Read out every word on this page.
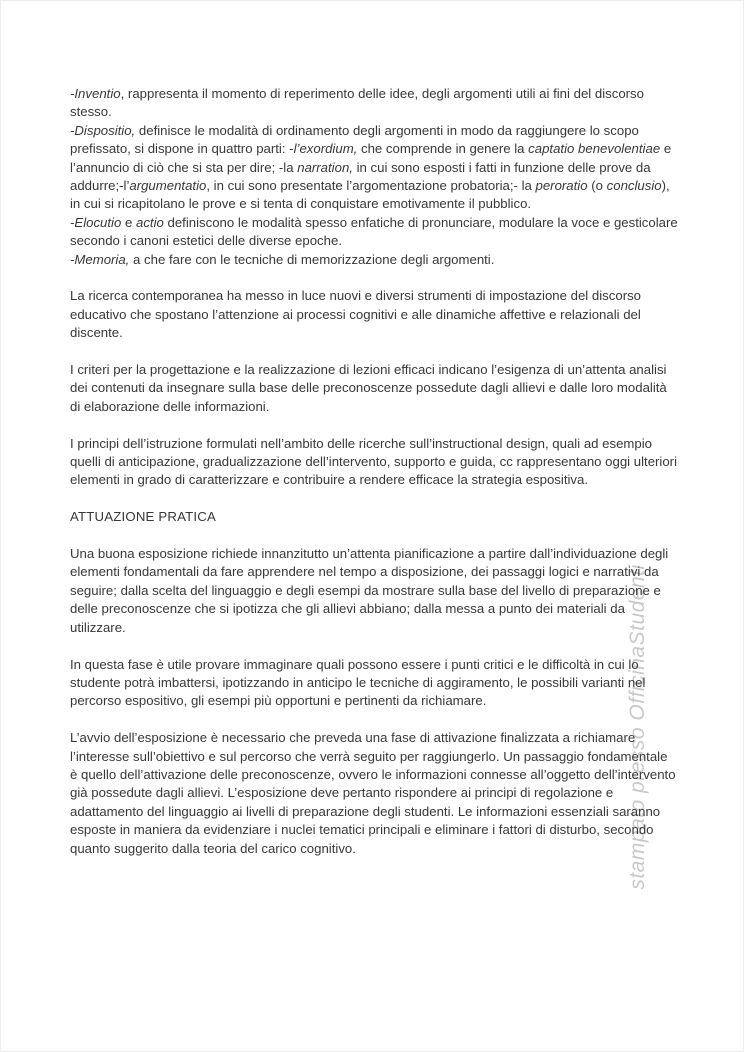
stampato presso OfficinaStudenti

-Inventio, rappresenta il momento di reperimento delle idee, degli argomenti utili ai fini del discorso stesso.

-Dispositio, definisce le modalità di ordinamento degli argomenti in modo da raggiungere lo scopo prefissato, si dispone in quattro parti: -l’exordium, che comprende in genere la captatio benevolentiae e l’annuncio di ciò che si sta per dire; -la narration, in cui sono esposti i fatti in funzione delle prove da addurre;-l’argumentatio, in cui sono presentate l’argomentazione probatoria;- la peroratio (o conclusio), in cui si ricapitolano le prove e si tenta di conquistare emotivamente il pubblico.

-Elocutio e actio definiscono le modalità spesso enfatiche di pronunciare, modulare la voce e gesticolare secondo i canoni estetici delle diverse epoche.

-Memoria, a che fare con le tecniche di memorizzazione degli argomenti.

La ricerca contemporanea ha messo in luce nuovi e diversi strumenti di impostazione del discorso educativo che spostano l’attenzione ai processi cognitivi e alle dinamiche affettive e relazionali del discente.

I criteri per la progettazione e la realizzazione di lezioni efficaci indicano l’esigenza di un’attenta analisi dei contenuti da insegnare sulla base delle preconoscenze possedute dagli allievi e dalle loro modalità di elaborazione delle informazioni.

I principi dell’istruzione formulati nell’ambito delle ricerche sull’instructional design, quali ad esempio quelli di anticipazione, gradualizzazione dell’intervento, supporto e guida, cc rappresentano oggi ulteriori elementi in grado di caratterizzare e contribuire a rendere efficace la strategia espositiva.

ATTUAZIONE PRATICA

Una buona esposizione richiede innanzitutto un’attenta pianificazione a partire dall’individuazione degli elementi fondamentali da fare apprendere nel tempo a disposizione, dei passaggi logici e narrativi da seguire; dalla scelta del linguaggio e degli esempi da mostrare sulla base del livello di preparazione e delle preconoscenze che si ipotizza che gli allievi abbiano; dalla messa a punto dei materiali da utilizzare.

In questa fase è utile provare immaginare quali possono essere i punti critici e le difficoltà in cui lo studente potrà imbattersi, ipotizzando in anticipo le tecniche di aggiramento, le possibili varianti nel percorso espositivo, gli esempi più opportuni e pertinenti da richiamare.

L’avvio dell’esposizione è necessario che preveda una fase di attivazione finalizzata a richiamare l’interesse sull’obiettivo e sul percorso che verrà seguito per raggiungerlo. Un passaggio fondamentale è quello dell’attivazione delle preconoscenze, ovvero le informazioni connesse all’oggetto dell’intervento già possedute dagli allievi. L’esposizione deve pertanto rispondere ai principi di regolazione e adattamento del linguaggio ai livelli di preparazione degli studenti. Le informazioni essenziali saranno esposte in maniera da evidenziare i nuclei tematici principali e eliminare i fattori di disturbo, secondo quanto suggerito dalla teoria del carico cognitivo.
